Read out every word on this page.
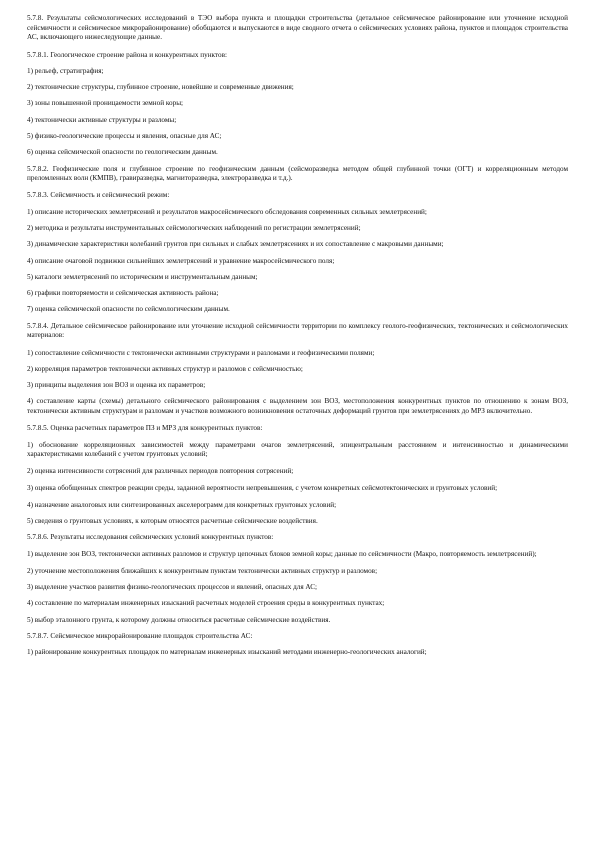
5.7.8. Результаты сейсмологических исследований в ТЭО выбора пункта и площадки строительства (детальное сейсмическое районирование или уточнение исходной сейсмичности и сейсмическое микрорайонирование) обобщаются и выпускаются в виде сводного отчета о сейсмических условиях района, пунктов и площадок строительства АС, включающего нижеследующие данные.

5.7.8.1. Геологическое строение района и конкурентных пунктов:

1) рельеф, стратиграфия;

2) тектонические структуры, глубинное строение, новейшие и современные движения;

3) зоны повышенной проницаемости земной коры;

4) тектонически активные структуры и разломы;

5) физико-геологические процессы и явления, опасные для АС;

6) оценка сейсмической опасности по геологическим данным.

5.7.8.2. Геофизические поля и глубинное строение по геофизическим данным (сейсморазведка методом общей глубинной точки (ОГТ) и корреляционным методом преломленных волн (КМПВ), гравиразведка, магниторазведка, электроразведка и т.д.).

5.7.8.3. Сейсмичность и сейсмический режим:

1) описание исторических землетрясений и результатов макросейсмического обследования современных сильных землетрясений;

2) методика и результаты инструментальных сейсмологических наблюдений по регистрации землетрясений;

3) динамические характеристики колебаний грунтов при сильных и слабых землетрясениях и их сопоставление с макровыми данными;

4) описание очаговой подвижки сильнейших землетрясений и уравнение макросейсмического поля;

5) каталоги землетрясений по историческим и инструментальным данным;

6) графики повторяемости и сейсмическая активность района;

7) оценка сейсмической опасности по сейсмологическим данным.

5.7.8.4. Детальное сейсмическое районирование или уточнение исходной сейсмичности территории по комплексу геолого-геофизических, тектонических и сейсмологических материалов:

1) сопоставление сейсмичности с тектонически активными структурами и разломами и геофизическими полями;

2) корреляция параметров тектонически активных структур и разломов с сейсмичностью;

3) принципы выделения зон ВОЗ и оценка их параметров;

4) составление карты (схемы) детального сейсмического районирования с выделением зон ВОЗ, местоположения конкурентных пунктов по отношению к зонам ВОЗ, тектонически активным структурам и разломам и участков возможного возникновения остаточных деформаций грунтов при землетрясениях до МРЗ включительно.

5.7.8.5. Оценка расчетных параметров ПЗ и МРЗ для конкурентных пунктов:

1) обоснование корреляционных зависимостей между параметрами очагов землетрясений, эпицентральным расстоянием и интенсивностью и динамическими характеристиками колебаний с учетом грунтовых условий;

2) оценка интенсивности сотрясений для различных периодов повторения сотрясений;

3) оценка обобщенных спектров реакции среды, заданной вероятности непревышения, с учетом конкретных сейсмотектонических и грунтовых условий;

4) назначение аналоговых или синтезированных акселерограмм для конкретных грунтовых условий;

5) сведения о грунтовых условиях, к которым относятся расчетные сейсмические воздействия.

5.7.8.6. Результаты исследования сейсмических условий конкурентных пунктов:

1) выделение зон ВОЗ, тектонически активных разломов и структур цепочных блоков земной коры; данные по сейсмичности (Макро, повторяемость землетрясений);

2) уточнение местоположения ближайших к конкурентным пунктам тектонически активных структур и разломов;

3) выделение участков развития физико-геологических процессов и явлений, опасных для АС;

4) составление по материалам инженерных изысканий расчетных моделей строения среды в конкурентных пунктах;

5) выбор эталонного грунта, к которому должны относиться расчетные сейсмические воздействия.

5.7.8.7. Сейсмическое микрорайонирование площадок строительства АС:

1) районирование конкурентных площадок по материалам инженерных изысканий методами инженерно-геологических аналогий;
